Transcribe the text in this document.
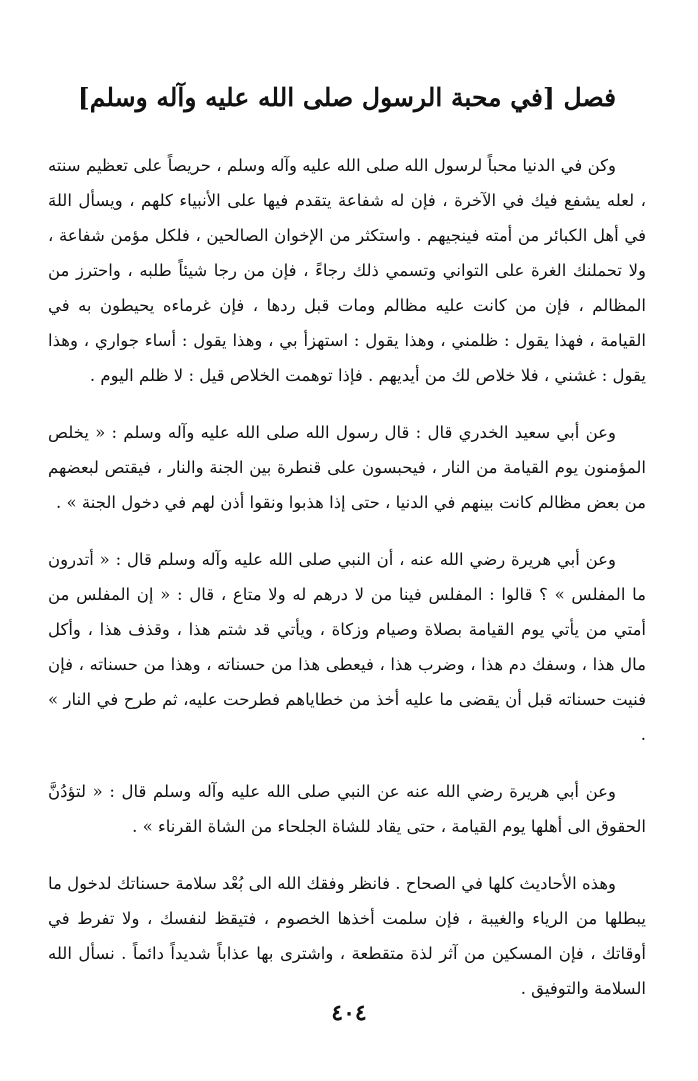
فصل [في محبة الرسول صلى الله عليه وآله وسلم]

وكن في الدنيا محباً لرسول الله صلى الله عليه وآله وسلم ، حريصاً على تعظيم سنته ، لعله يشفع فيك في الآخرة ، فإن له شفاعة يتقدم فيها على الأنبياء كلهم ، ويسأل اللهَ في أهل الكبائر من أمته فينجيهم . واستكثر من الإخوان الصالحين ، فلكل مؤمن شفاعة ، ولا تحملنك الغرة على التواني وتسمي ذلك رجاءً ، فإن من رجا شيئاً طلبه ، واحترز من المظالم ، فإن من كانت عليه مظالم ومات قبل ردها ، فإن غرماءه يحيطون به في القيامة ، فهذا يقول : ظلمني ، وهذا يقول : استهزأ بي ، وهذا يقول : أساء جواري ، وهذا يقول : غشني ، فلا خلاص لك من أيديهم . فإذا توهمت الخلاص قيل : لا ظلم اليوم .

وعن أبي سعيد الخدري قال : قال رسول الله صلى الله عليه وآله وسلم : « يخلص المؤمنون يوم القيامة من النار ، فيحبسون على قنطرة بين الجنة والنار ، فيقتص لبعضهم من بعض مظالم كانت بينهم في الدنيا ، حتى إذا هذبوا ونقوا أذن لهم في دخول الجنة » .

وعن أبي هريرة رضي الله عنه ، أن النبي صلى الله عليه وآله وسلم قال : « أتدرون ما المفلس » ؟ قالوا : المفلس فينا من لا درهم له ولا متاع ، قال : « إن المفلس من أمتي من يأتي يوم القيامة بصلاة وصيام وزكاة ، ويأتي قد شتم هذا ، وقذف هذا ، وأكل مال هذا ، وسفك دم هذا ، وضرب هذا ، فيعطى هذا من حسناته ، وهذا من حسناته ، فإن فنيت حسناته قبل أن يقضى ما عليه أخذ من خطاياهم فطرحت عليه، ثم طرح في النار » .

وعن أبي هريرة رضي الله عنه عن النبي صلى الله عليه وآله وسلم قال : « لتؤدُنَّ الحقوق الى أهلها يوم القيامة ، حتى يقاد للشاة الجلحاء من الشاة القرناء » .

وهذه الأحاديث كلها في الصحاح . فانظر وفقك الله الى بُعْد سلامة حسناتك لدخول ما يبطلها من الرياء والغيبة ، فإن سلمت أخذها الخصوم ، فتيقظ لنفسك ، ولا تفرط في أوقاتك ، فإن المسكين من آثر لذة متقطعة ، واشترى بها عذاباً شديداً دائماً . نسأل الله السلامة والتوفيق .

٤٠٤
